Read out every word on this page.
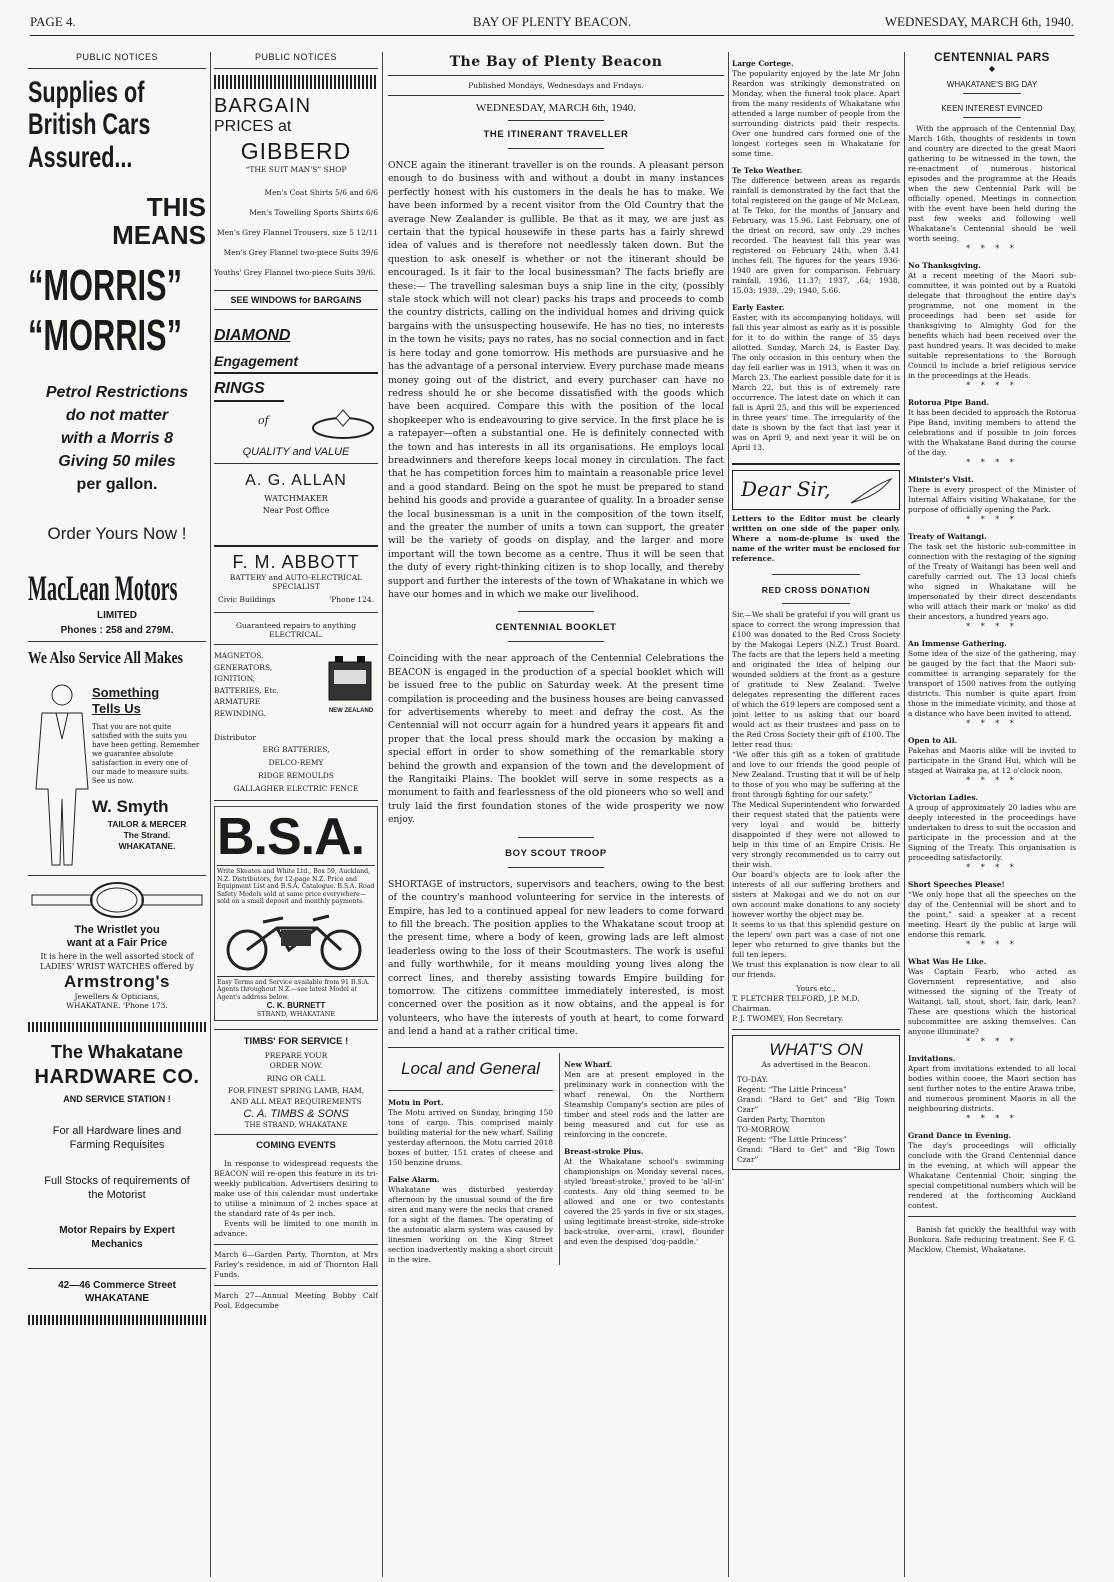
PAGE 4.	BAY OF PLENTY BEACON.	WEDNESDAY, MARCH 6th, 1940.
PUBLIC NOTICES
Supplies of
British Cars
Assured...
THIS
MEANS
“MORRIS”
“MORRIS”
Petrol Restrictions
do not matter
with a Morris 8
Giving 50 miles
per gallon.
Order Yours Now !
MacLean Motors
LIMITED
Phones : 258 and 279M.
We Also Service All Makes
Something
Tells Us
That you are not quite satisfied with the suits you have been getting. Remember we guarantee absolute satisfaction in every one of our made to measure suits. See us now.
W. Smyth
TAILOR & MERCER
The Strand.
WHAKATANE.
The Wristlet you
want at a Fair Price
It is here in the well assorted stock of LADIES' WRIST WATCHES offered by
Armstrong's
Jewellers & Opticians,
WHAKATANE. 'Phone 173.
The Whakatane
HARDWARE CO.
AND SERVICE STATION !
For all Hardware lines and Farming Requisites
Full Stocks of requirements of the Motorist
Motor Repairs by Expert Mechanics
42—46 Commerce Street
WHAKATANE
PUBLIC NOTICES
BARGAIN
PRICES at
GIBBERD
“THE SUIT MAN'S” SHOP
Men's Coat Shirts 5/6 and 6/6
Men's Towelling Sports Shirts 6/6
Men's Grey Flannel Trousers, size 5 12/11
Men's Grey Flannel two-piece Suits 39/6
Youths' Grey Flannel two-piece Suits 39/6.
SEE WINDOWS for BARGAINS
DIAMOND
Engagement
RINGS
of
QUALITY and VALUE
A. G. ALLAN
WATCHMAKER
Near Post Office
F. M. ABBOTT
BATTERY and AUTO-ELECTRICAL SPECIALIST
Civic Buildings	'Phone 124.
Guaranteed repairs to anything ELECTRICAL.
MAGNETOS,
GENERATORS,
IGNITION,
BATTERIES, Etc.
ARMATURE
REWINDING.	NEW ZEALAND
Distributor
ERG BATTERIES,
DELCO-REMY
RIDGE REMOULDS
GALLAGHER ELECTRIC FENCE
B.S.A.
Write Skeates and White Ltd., Box 59, Auckland, N.Z. Distributors, for 12-page N.Z. Price and Equipment List and B.S.A. Catalogue. B.S.A. Road Safety Models sold at same price everywhere—sold on a small deposit and monthly payments.
Easy Terms and Service available from 91 B.S.A. Agents throughout N.Z.—see latest Model at Agent's address below.
C. K. BURNETT
STRAND, WHAKATANE
TIMBS' FOR SERVICE !
PREPARE YOUR
ORDER NOW.
RING OR CALL
FOR FINEST SPRING LAMB, HAM,
AND ALL MEAT REQUIREMENTS
C. A. TIMBS & SONS
THE STRAND, WHAKATANE
COMING EVENTS
In response to widespread requests the BEACON will re-open this feature in its tri-weekly publication. Advertisers desiring to make use of this calendar must undertake to utilise a minimum of 2 inches space at the standard rate of 4s per inch.
Events will be limited to one month in advance.
March 6—Garden Party, Thornton, at Mrs Farley's residence, in aid of Thornton Hall Funds.
March 27—Annual Meeting Bobby Calf Pool, Edgecumbe
The Bay of Plenty Beacon
Published Mondays, Wednesdays and Fridays.
WEDNESDAY, MARCH 6th, 1940.
THE ITINERANT TRAVELLER
ONCE again the itinerant traveller is on the rounds. A pleasant person enough to do business with and without a doubt in many instances perfectly honest with his customers in the deals he has to make. We have been informed by a recent visitor from the Old Country that the average New Zealander is gullible. Be that as it may, we are just as certain that the typical housewife in these parts has a fairly shrewd idea of values and is therefore not needlessly taken down. But the question to ask oneself is whether or not the itinerant should be encouraged. Is it fair to the local businessman? The facts briefly are these:— The travelling salesman buys a snip line in the city, (possibly stale stock which will not clear) packs his traps and proceeds to comb the country districts, calling on the individual homes and driving quick bargains with the unsuspecting housewife. He has no ties, no interests in the town he visits; pays no rates, has no social connection and in fact is here today and gone tomorrow. His methods are pursuasive and he has the advantage of a personal interview. Every purchase made means money going out of the district, and every purchaser can have no redress should he or she become dissatisfied with the goods which have been acquired. Compare this with the position of the local shopkeeper who is endeavouring to give service. In the first place he is a ratepayer—often a substantial one. He is definitely connected with the town and has interests in all its organisations. He employs local breadwinners and therefore keeps local money in circulation. The fact that he has competition forces him to maintain a reasonable price level and a good standard. Being on the spot he must be prepared to stand behind his goods and provide a guarantee of quality. In a broader sense the local businessman is a unit in the composition of the town itself, and the greater the number of units a town can support, the greater will be the variety of goods on display, and the larger and more important will the town become as a centre. Thus it will be seen that the duty of every right-thinking citizen is to shop locally, and thereby support and further the interests of the town of Whakatane in which we have our homes and in which we make our livelihood.
CENTENNIAL BOOKLET
Coinciding with the near approach of the Centennial Celebrations the BEACON is engaged in the production of a special booklet which will be issued free to the public on Saturday week. At the present time compilation is proceeding and the business houses are being canvassed for advertisements whereby to meet and defray the cost. As the Centennial will not occurr again for a hundred years it appears fit and proper that the local press should mark the occasion by making a special effort in order to show something of the remarkable story behind the growth and expansion of the town and the development of the Rangitaiki Plains. The booklet will serve in some respects as a monument to faith and fearlessness of the old pioneers who so well and truly laid the first foundation stones of the wide prosperity we now enjoy.
BOY SCOUT TROOP
SHORTAGE of instructors, supervisors and teachers, owing to the best of the country's manhood volunteering for service in the interests of Empire, has led to a continued appeal for new leaders to come forward to fill the breach. The position applies to the Whakatane scout troop at the present time, where a body of keen, growing lads are left almost leaderless owing to the loss of their Scoutmasters. The work is useful and fully worthwhile, for it means moulding young lives along the correct lines, and thereby assisting towards Empire building for tomorrow. The citizens committee immediately interested, is most concerned over the position as it now obtains, and the appeal is for volunteers, who have the interests of youth at heart, to come forward and lend a hand at a rather critical time.
Local and General
Motu in Port.
The Motu arrived on Sunday, bringing 150 tons of cargo. This comprised mainly building material for the new wharf. Sailing yesterday afternoon, the Motu carried 2018 boxes of butter, 151 crates of cheese and 150 benzine drums.
False Alarm.
Whakatane was disturbed yesterday afternoon by the unusual sound of the fire siren and many were the necks that craned for a sight of the flames. The operating of the automatic alarm system was caused by linesmen working on the King Street section inadvertently making a short circuit in the wire.
New Wharf.
Men are at present employed in the preliminary work in connection with the wharf renewal. On the Northern Steamship Company's section are piles of timber and steel rods and the latter are being measured and cut for use as reinforcing in the concrete.
Breast-stroke Plus.
At the Whakatane school's swimming championships on Monday several races, styled 'breast-stroke,' proved to be 'all-in' contests. Any old thing seemed to be allowed and one or two contestants covered the 25 yards in five or six stages, using legitimate breast-stroke, side-stroke back-stroke, over-arm, crawl, flounder and even the despised 'dog-paddle.'
Large Cortege.
The popularity enjoyed by the late Mr John Reardon was strikingly demonstrated on Monday, when the funeral took place. Apart from the many residents of Whakatane who attended a large number of people from the surrounding districts paid their respects. Over one hundred cars formed one of the longest corteges seen in Whakatane for some time.
Te Teko Weather.
The difference between areas as regards rainfall is demonstrated by the fact that the total registered on the gauge of Mr McLean, at Te Teko, for the months of January and February, was 15.96. Last February, one of the driest on record, saw only .29 inches recorded. The heaviest fall this year was registered on February 24th, when 3.41 inches fell. The figures for the years 1936-1940 are given for comparison. February rainfall, 1936, 11.37; 1937, .64; 1938, 15.03; 1939, .29; 1940, 5.66.
Early Easter.
Easter, with its accompanying holidays, will fall this year almost as early as it is possible for it to do within the range of 35 days allotted. Sunday, March 24, is Easter Day. The only occasion in this century when the day fell earlier was in 1913, when it was on March 23. The earliest possible date for it is March 22, but this is of extremely rare occurrence. The latest date on which it can fall is April 25, and this will be experienced in three years' time. The irregularity of the date is shown by the fact that last year it was on April 9, and next year it will be on April 13.
Dear Sir,
Letters to the Editor must be clearly written on one side of the paper only. Where a nom-de-plume is used the name of the writer must be enclosed for reference.
RED CROSS DONATION
Sir,—We shall be grateful if you will grant us space to correct the wrong impression that £100 was donated to the Red Cross Society by the Makogai Lepers (N.Z.) Trust Board. The facts are that the lepers held a meeting and originated the idea of helping our wounded soldiers at the front as a gesture of gratitude to New Zealand. Twelve delegates representing the different races of which the 619 lepers are composed sent a joint letter to us asking that our board would act as their trustees and pass on to the Red Cross Society their gift of £100. The letter read thus:
“We offer this gift as a token of gratitude and love to our friends the good people of New Zealand. Trusting that it will be of help to those of you who may be suffering at the front through fighting for our safety.”
The Medical Superintendent who forwarded their request stated that the patients were very loyal and would be bitterly disappointed if they were not allowed to help in this time of an Empire Crisis. He very strongly recommended us to carry out their wish.
Our board's objects are to look after the interests of all our suffering brothers and sisters at Makogai and we do not on our own account make donations to any society however worthy the object may be.
It seems to us that this splendid gesture on the lepers' own part was a case of not one leper who returned to give thanks but the full ten lepers.
We trust this explanation is now clear to all our friends.
Yours etc.,
T. FLETCHER TELFORD, J.P. M.D. Chairman.
P. J. TWOMEY, Hon Secretary.
WHAT'S ON
As advertised in the Beacon.
TO-DAY.
Regent: “The Little Princess”
Grand: “Hard to Get” and “Big Town Czar”
Garden Party, Thornton
TO-MORROW.
Regent: “The Little Princess”
Grand: “Hard to Get” and “Big Town Czar”
CENTENNIAL PARS
◆
WHAKATANE'S BIG DAY
KEEN INTEREST EVINCED
With the approach of the Centennial Day, March 16th, thoughts of residents in town and country are directed to the great Maori gathering to be witnessed in the town, the re-enactment of numerous historical episodes and the programme at the Heads when the new Centennial Park will be officially opened. Meetings in connection with the event have been held during the past few weeks and following well Whakatane's Centennial should be well worth seeing.
* * * *
No Thanksgiving.
At a recent meeting of the Maori sub-committee, it was pointed out by a Ruatoki delegate that throughout the entire day's programme, not one moment in the proceedings had been set aside for thanksgiving to Almighty God for the benefits which had been received over the past hundred years. It was decided to make suitable representations to the Borough Council to include a brief religious service in the proceedings at the Heads.
* * * *
Rotorua Pipe Band.
It has been decided to approach the Rotorua Pipe Band, inviting members to attend the celebrations and if possible to join forces with the Whakatane Band during the course of the day.
* * * *
Minister's Visit.
There is every prospect of the Minister of Internal Affairs visiting Whakatane, for the purpose of officially opening the Park.
* * * *
Treaty of Waitangi.
The task set the historic sub-committee in connection with the restaging of the signing of the Treaty of Waitangi has been well and carefully carried out. The 13 local chiefs who signed in Whakatane will be impersonated by their direct descendants who will attach their mark or 'moko' as did their ancestors, a hundred years ago.
* * * *
An Immense Gathering.
Some idea of the size of the gathering, may be gauged by the fact that the Maori sub-committee is arranging separately for the transport of 1500 natives from the outlying districts. This number is quite apart from those in the immediate vicinity, and those at a distance who have been invited to attend.
* * * *
Open to All.
Pakehas and Maoris alike will be invited to participate in the Grand Hui, which will be staged at Wairaka pa, at 12 o'clock noon.
* * * *
Victorian Ladies.
A group of approximately 20 ladies who are deeply interested in the proceedings have undertaken to dress to suit the occasion and participate in the procession and at the Signing of the Treaty. This organisation is proceeding satisfactorily.
* * * *
Short Speeches Please!
“We only hope that all the speeches on the day of the Centennial will be short and to the point,” said a speaker at a recent meeting. Heart ily the public at large will endorse this remark.
* * * *
What Was He Like.
Was Captain Fearb, who acted as Government representative, and also witnessed the signing of the Treaty of Waitangi, tall, stout, short, fair, dark, lean? These are questions which the historical subcommittee are asking themselves. Can anyone illuminate?
* * * *
Invitations.
Apart from invitations extended to all local bodies within cooee, the Maori section has sent further notes to the entire Arawa tribe, and numerous prominent Maoris in all the neighbouring districts.
* * * *
Grand Dance in Evening.
The day's proceedings will officially conclude with the Grand Centennial dance in the evening, at which will appear the Whakatane Centennial Choir, singing the special competitional numbers which will be rendered at the forthcoming Auckland contest.
Banish fat quickly the healthful way with Bonkora. Safe reducing treatment. See F. G. Macklow, Chemist, Whakatane.
